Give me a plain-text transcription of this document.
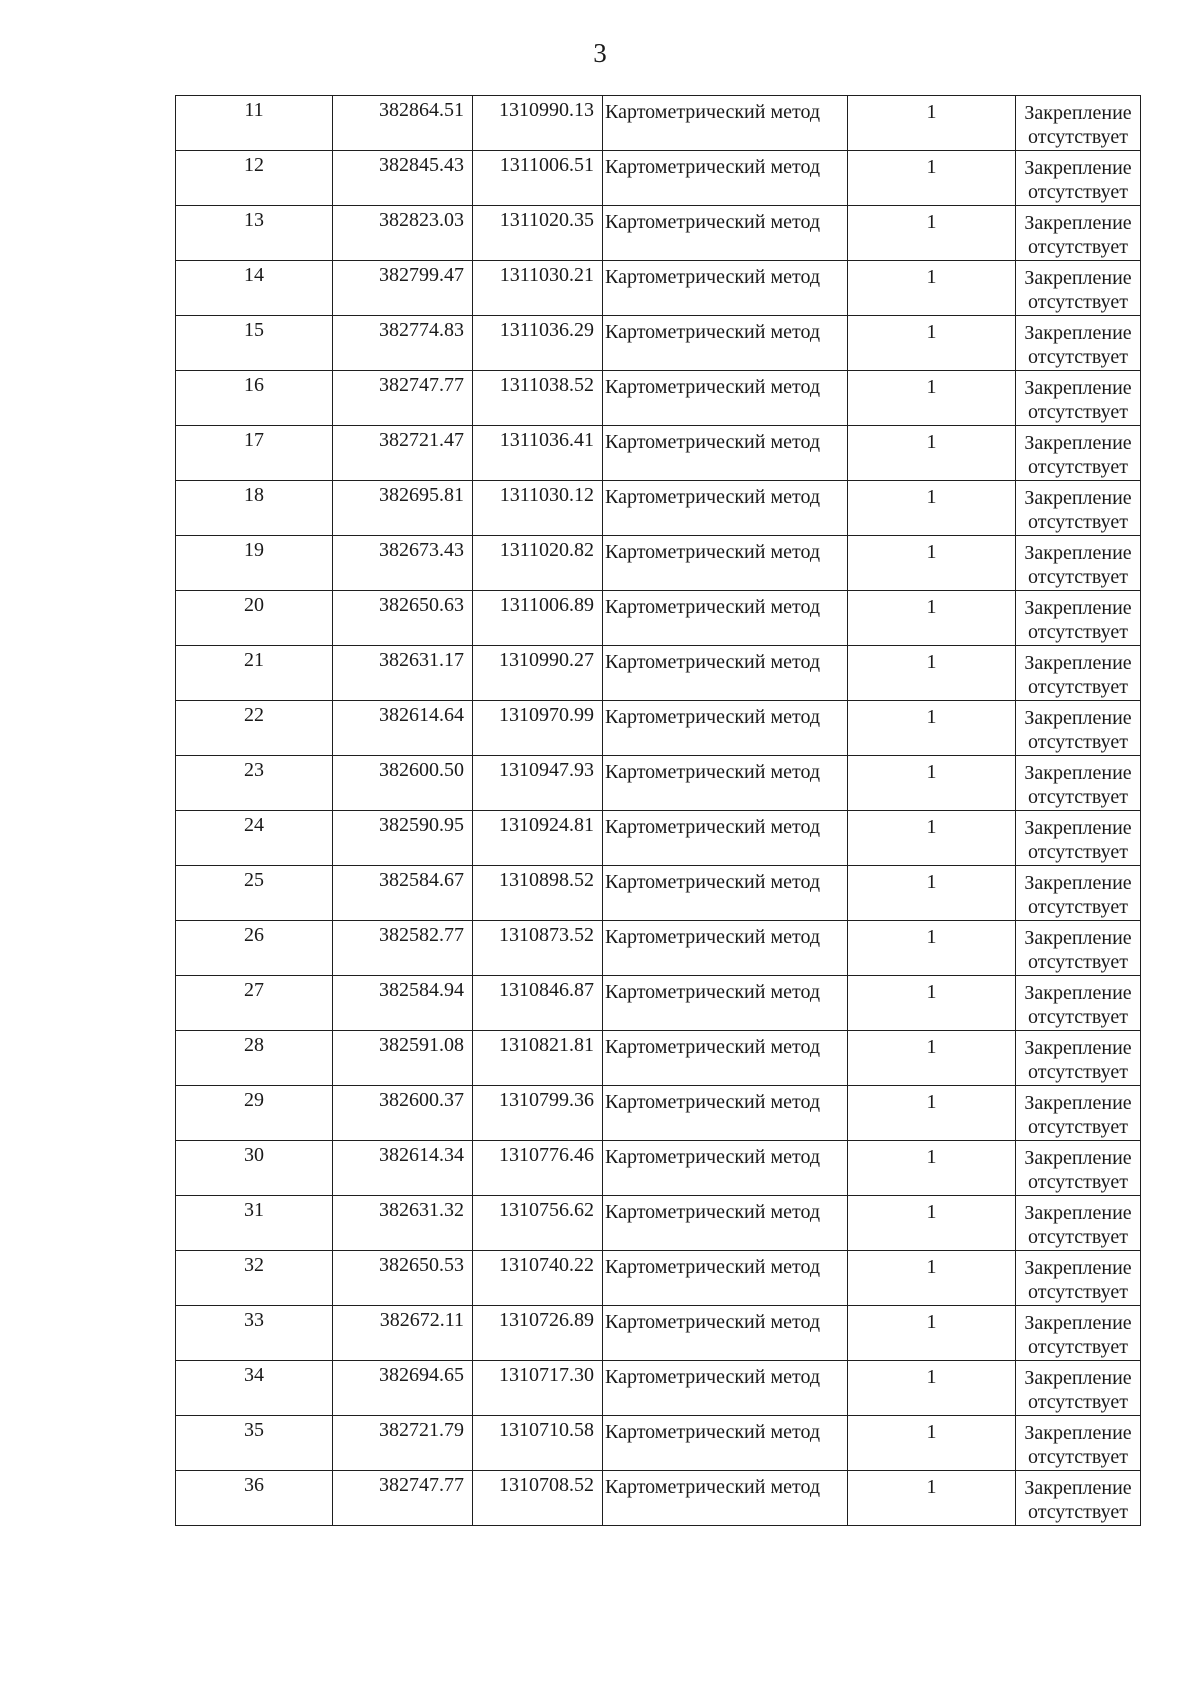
3
11	382864.51	1310990.13	Картометрический метод	1	Закрепление
отсутствует

12	382845.43	1311006.51	Картометрический метод	1	Закрепление
отсутствует

13	382823.03	1311020.35	Картометрический метод	1	Закрепление
отсутствует

14	382799.47	1311030.21	Картометрический метод	1	Закрепление
отсутствует

15	382774.83	1311036.29	Картометрический метод	1	Закрепление
отсутствует

16	382747.77	1311038.52	Картометрический метод	1	Закрепление
отсутствует

17	382721.47	1311036.41	Картометрический метод	1	Закрепление
отсутствует

18	382695.81	1311030.12	Картометрический метод	1	Закрепление
отсутствует

19	382673.43	1311020.82	Картометрический метод	1	Закрепление
отсутствует

20	382650.63	1311006.89	Картометрический метод	1	Закрепление
отсутствует

21	382631.17	1310990.27	Картометрический метод	1	Закрепление
отсутствует

22	382614.64	1310970.99	Картометрический метод	1	Закрепление
отсутствует

23	382600.50	1310947.93	Картометрический метод	1	Закрепление
отсутствует

24	382590.95	1310924.81	Картометрический метод	1	Закрепление
отсутствует

25	382584.67	1310898.52	Картометрический метод	1	Закрепление
отсутствует

26	382582.77	1310873.52	Картометрический метод	1	Закрепление
отсутствует

27	382584.94	1310846.87	Картометрический метод	1	Закрепление
отсутствует

28	382591.08	1310821.81	Картометрический метод	1	Закрепление
отсутствует

29	382600.37	1310799.36	Картометрический метод	1	Закрепление
отсутствует

30	382614.34	1310776.46	Картометрический метод	1	Закрепление
отсутствует

31	382631.32	1310756.62	Картометрический метод	1	Закрепление
отсутствует

32	382650.53	1310740.22	Картометрический метод	1	Закрепление
отсутствует

33	382672.11	1310726.89	Картометрический метод	1	Закрепление
отсутствует

34	382694.65	1310717.30	Картометрический метод	1	Закрепление
отсутствует

35	382721.79	1310710.58	Картометрический метод	1	Закрепление
отсутствует

36	382747.77	1310708.52	Картометрический метод	1	Закрепление
отсутствует
